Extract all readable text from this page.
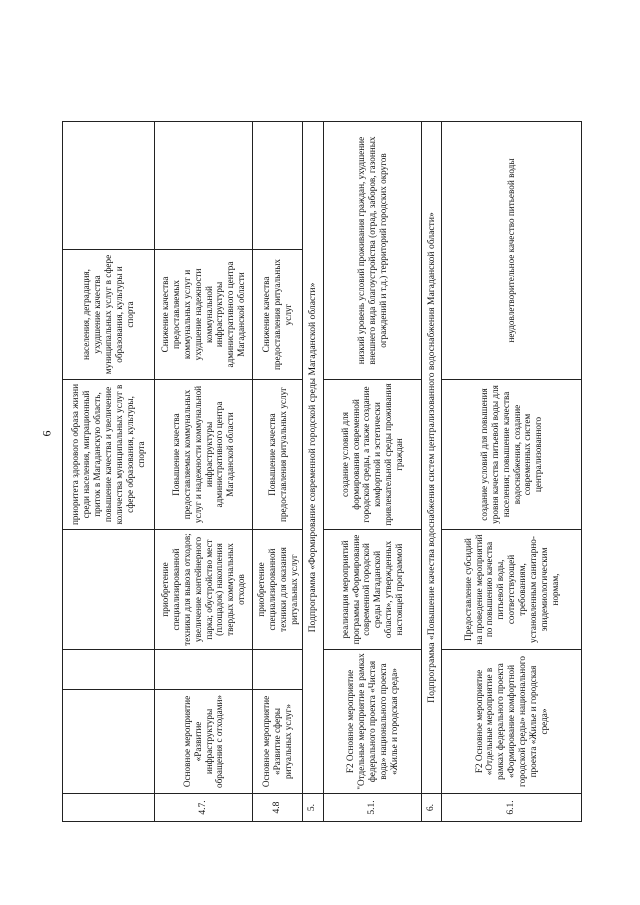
6
				приоритета здорового образа жизни среди населения, миграционный приток в Магаданскую область, повышение качества и увеличение количества муниципальных услуг в сфере образования, культуры, спорта	населения, деградация, ухудшение качества муниципальных услуг в сфере образования, культуры и спорта	
4.7.	Основное мероприятие «Развитие инфраструктуры обращения с отходами»		приобретение специализированной техники для вывоза отходов; увеличение контейнерного парка; обустройство мест (площадок) накопления твердых коммунальных отходов	Повышение качества предоставляемых коммунальных услуг и надежности коммунальной инфраструктуры административного центра Магаданской области	Снижение качества предоставляемых коммунальных услуг и ухудшение надежности коммунальной инфраструктуры административного центра Магаданской области	
4.8	Основное мероприятие «Развитие сферы ритуальных услуг»		приобретение специализированной техники для оказания ритуальных услуг	Повышение качества предоставления ритуальных услуг	Снижение качества предоставления ритуальных услуг	
5.	Подпрограмма «Формирование современной городской среды Магаданской области»					
5.1.	F2 Основное мероприятие "Отдельные мероприятие в рамках федерального проекта «Чистая вода» национального проекта «Жилье и городская среда»		реализация мероприятий программы «Формирование современной городской среды Магаданской области», утвержденных настоящей программой	создание условий для формирования современной городской среды, а также создание комфортной и эстетически привлекательной среды проживания граждан	низкий уровень условий проживания граждан, ухудшение внешнего вида благоустройства (отрад, заборов, газонных ограждений и т.д.) территорий городских округов	
6.	Подпрограмма «Повышение качества водоснабжения систем централизованного водоснабжения Магаданской области»					
6.1.	F2 Основное мероприятие «Отдельные мероприятие в рамках федерального проекта «Формирование комфортной городской среды» национального проекта «Жилье и городская среда»		Предоставление субсидий на проведение мероприятий по повышению качества питьевой воды, соответствующей требованиям, установленным санитарно-эпидемиологическим нормам,	создание условий для повышения уровня качества питьевой воды для населения; повышение качества водоснабжения, создание современных систем централизованного	неудовлетворительное качество питьевой воды	
